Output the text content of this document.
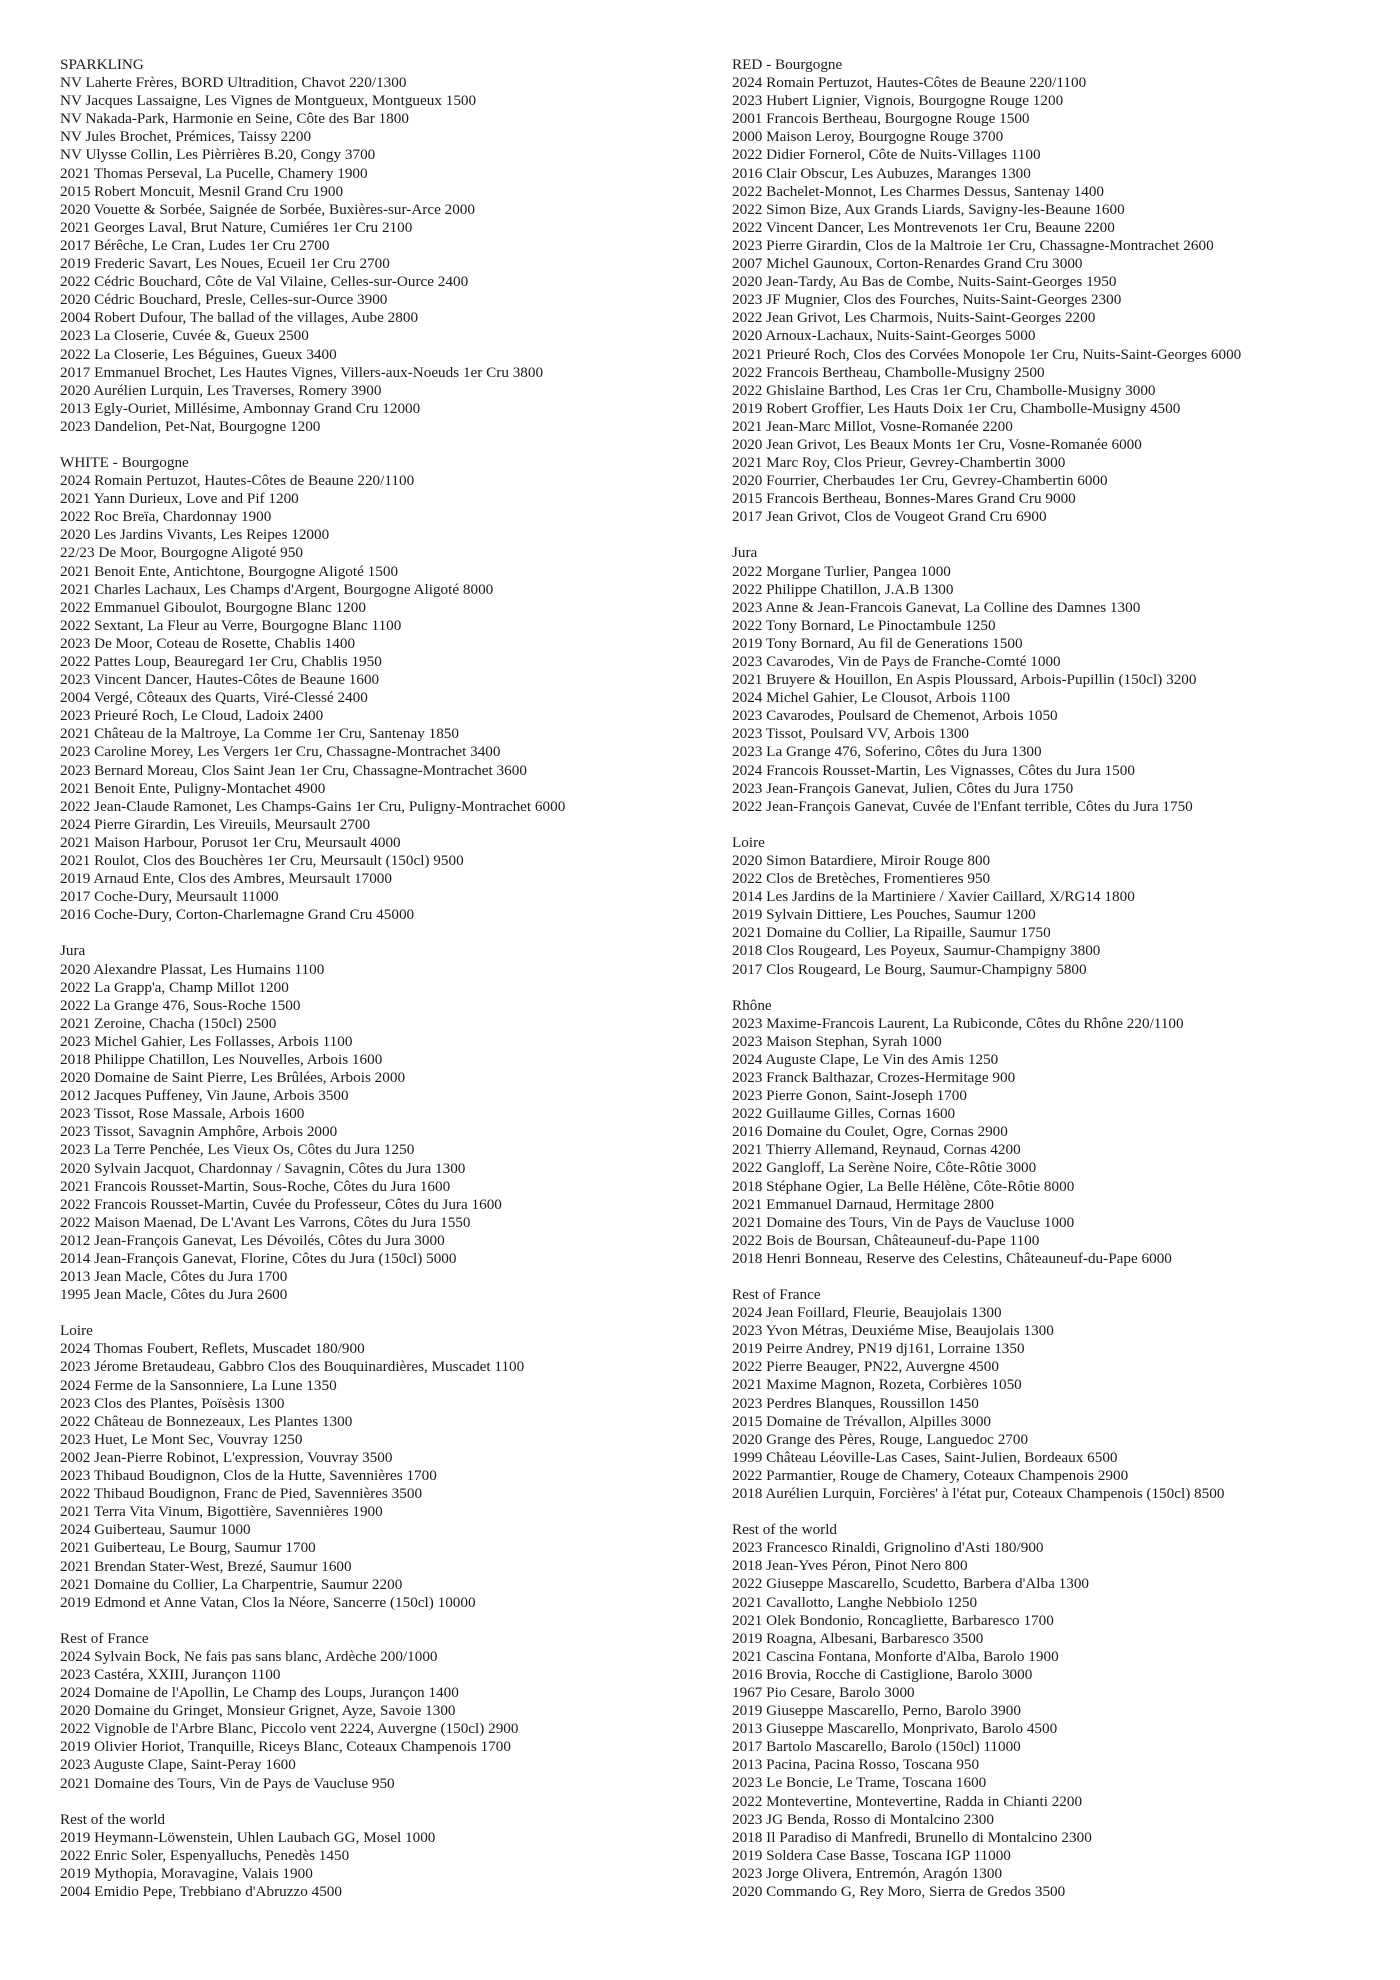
SPARKLING
NV Laherte Frères, BORD Ultradition, Chavot 220/1300
NV Jacques Lassaigne, Les Vignes de Montgueux, Montgueux 1500
NV Nakada-Park, Harmonie en Seine, Côte des Bar 1800
NV Jules Brochet, Prémices, Taissy 2200
NV Ulysse Collin, Les Pièrrières B.20, Congy 3700
2021 Thomas Perseval, La Pucelle, Chamery 1900
2015 Robert Moncuit, Mesnil Grand Cru 1900
2020 Vouette & Sorbée, Saignée de Sorbée, Buxières-sur-Arce 2000
2021 Georges Laval, Brut Nature, Cumiéres 1er Cru 2100
2017 Bérêche, Le Cran, Ludes 1er Cru 2700
2019 Frederic Savart, Les Noues, Ecueil 1er Cru 2700
2022 Cédric Bouchard, Côte de Val Vilaine, Celles-sur-Ource 2400
2020 Cédric Bouchard, Presle, Celles-sur-Ource 3900
2004 Robert Dufour, The ballad of the villages, Aube 2800
2023 La Closerie, Cuvée &, Gueux 2500
2022 La Closerie, Les Béguines, Gueux 3400
2017 Emmanuel Brochet, Les Hautes Vignes, Villers-aux-Noeuds 1er Cru 3800
2020 Aurélien Lurquin, Les Traverses, Romery 3900
2013 Egly-Ouriet, Millésime, Ambonnay Grand Cru 12000
2023 Dandelion, Pet-Nat, Bourgogne 1200
WHITE - Bourgogne
2024 Romain Pertuzot, Hautes-Côtes de Beaune 220/1100
2021 Yann Durieux, Love and Pif 1200
2022 Roc Breïa, Chardonnay 1900
2020 Les Jardins Vivants, Les Reipes 12000
22/23 De Moor, Bourgogne Aligoté 950
2021 Benoit Ente, Antichtone, Bourgogne Aligoté 1500
2021 Charles Lachaux, Les Champs d'Argent, Bourgogne Aligoté 8000
2022 Emmanuel Giboulot, Bourgogne Blanc 1200
2022 Sextant, La Fleur au Verre, Bourgogne Blanc 1100
2023 De Moor, Coteau de Rosette, Chablis 1400
2022 Pattes Loup, Beauregard 1er Cru, Chablis 1950
2023 Vincent Dancer, Hautes-Côtes de Beaune 1600
2004 Vergé, Côteaux des Quarts, Viré-Clessé 2400
2023 Prieuré Roch, Le Cloud, Ladoix 2400
2021 Château de la Maltroye, La Comme 1er Cru, Santenay 1850
2023 Caroline Morey, Les Vergers 1er Cru, Chassagne-Montrachet 3400
2023 Bernard Moreau, Clos Saint Jean 1er Cru, Chassagne-Montrachet 3600
2021 Benoit Ente, Puligny-Montachet 4900
2022 Jean-Claude Ramonet, Les Champs-Gains 1er Cru, Puligny-Montrachet 6000
2024 Pierre Girardin, Les Vireuils, Meursault 2700
2021 Maison Harbour, Porusot 1er Cru, Meursault 4000
2021 Roulot, Clos des Bouchères 1er Cru, Meursault (150cl) 9500
2019 Arnaud Ente, Clos des Ambres, Meursault 17000
2017 Coche-Dury, Meursault 11000
2016 Coche-Dury, Corton-Charlemagne Grand Cru 45000
Jura
2020 Alexandre Plassat, Les Humains 1100
2022 La Grapp'a, Champ Millot 1200
2022 La Grange 476, Sous-Roche 1500
2021 Zeroine, Chacha (150cl) 2500
2023 Michel Gahier, Les Follasses, Arbois 1100
2018 Philippe Chatillon, Les Nouvelles, Arbois 1600
2020 Domaine de Saint Pierre, Les Brûlées, Arbois 2000
2012 Jacques Puffeney, Vin Jaune, Arbois 3500
2023 Tissot, Rose Massale, Arbois 1600
2023 Tissot, Savagnin Amphôre, Arbois 2000
2023 La Terre Penchée, Les Vieux Os, Côtes du Jura 1250
2020 Sylvain Jacquot, Chardonnay / Savagnin, Côtes du Jura 1300
2021 Francois Rousset-Martin, Sous-Roche, Côtes du Jura 1600
2022 Francois Rousset-Martin, Cuvée du Professeur, Côtes du Jura 1600
2022 Maison Maenad, De L'Avant Les Varrons, Côtes du Jura 1550
2012 Jean-François Ganevat, Les Dévoilés, Côtes du Jura 3000
2014 Jean-François Ganevat, Florine, Côtes du Jura (150cl) 5000
2013 Jean Macle, Côtes du Jura 1700
1995 Jean Macle, Côtes du Jura 2600
Loire
2024 Thomas Foubert, Reflets, Muscadet 180/900
2023 Jérome Bretaudeau, Gabbro Clos des Bouquinardières, Muscadet 1100
2024 Ferme de la Sansonniere, La Lune 1350
2023 Clos des Plantes, Poïsèsis 1300
2022 Château de Bonnezeaux, Les Plantes 1300
2023 Huet, Le Mont Sec, Vouvray 1250
2002 Jean-Pierre Robinot, L'expression, Vouvray 3500
2023 Thibaud Boudignon, Clos de la Hutte, Savennières 1700
2022 Thibaud Boudignon, Franc de Pied, Savennières 3500
2021 Terra Vita Vinum, Bigottière, Savennières 1900
2024 Guiberteau, Saumur 1000
2021 Guiberteau, Le Bourg, Saumur 1700
2021 Brendan Stater-West, Brezé, Saumur 1600
2021 Domaine du Collier, La Charpentrie, Saumur 2200
2019 Edmond et Anne Vatan, Clos la Néore, Sancerre (150cl) 10000
Rest of France
2024 Sylvain Bock, Ne fais pas sans blanc, Ardèche 200/1000
2023 Castéra, XXIII, Jurançon 1100
2024 Domaine de l'Apollin, Le Champ des Loups, Jurançon 1400
2020 Domaine du Gringet, Monsieur Grignet, Ayze, Savoie 1300
2022 Vignoble de l'Arbre Blanc, Piccolo vent 2224, Auvergne (150cl) 2900
2019 Olivier Horiot, Tranquille, Riceys Blanc, Coteaux Champenois 1700
2023 Auguste Clape, Saint-Peray 1600
2021 Domaine des Tours, Vin de Pays de Vaucluse 950
Rest of the world
2019 Heymann-Löwenstein, Uhlen Laubach GG, Mosel 1000
2022 Enric Soler, Espenyalluchs, Penedès 1450
2019 Mythopia, Moravagine, Valais 1900
2004 Emidio Pepe, Trebbiano d'Abruzzo 4500
RED - Bourgogne
2024 Romain Pertuzot, Hautes-Côtes de Beaune 220/1100
2023 Hubert Lignier, Vignois, Bourgogne Rouge 1200
2001 Francois Bertheau, Bourgogne Rouge 1500
2000 Maison Leroy, Bourgogne Rouge 3700
2022 Didier Fornerol, Côte de Nuits-Villages 1100
2016 Clair Obscur, Les Aubuzes, Maranges 1300
2022 Bachelet-Monnot, Les Charmes Dessus, Santenay 1400
2022 Simon Bize, Aux Grands Liards, Savigny-les-Beaune 1600
2022 Vincent Dancer, Les Montrevenots 1er Cru, Beaune 2200
2023 Pierre Girardin, Clos de la Maltroie 1er Cru, Chassagne-Montrachet 2600
2007 Michel Gaunoux, Corton-Renardes Grand Cru 3000
2020 Jean-Tardy, Au Bas de Combe, Nuits-Saint-Georges 1950
2023 JF Mugnier, Clos des Fourches, Nuits-Saint-Georges 2300
2022 Jean Grivot, Les Charmois, Nuits-Saint-Georges 2200
2020 Arnoux-Lachaux, Nuits-Saint-Georges 5000
2021 Prieuré Roch, Clos des Corvées Monopole 1er Cru, Nuits-Saint-Georges 6000
2022 Francois Bertheau, Chambolle-Musigny 2500
2022 Ghislaine Barthod, Les Cras 1er Cru, Chambolle-Musigny 3000
2019 Robert Groffier, Les Hauts Doix 1er Cru, Chambolle-Musigny 4500
2021 Jean-Marc Millot, Vosne-Romanée 2200
2020 Jean Grivot, Les Beaux Monts 1er Cru, Vosne-Romanée 6000
2021 Marc Roy, Clos Prieur, Gevrey-Chambertin 3000
2020 Fourrier, Cherbaudes 1er Cru, Gevrey-Chambertin 6000
2015 Francois Bertheau, Bonnes-Mares Grand Cru 9000
2017 Jean Grivot, Clos de Vougeot Grand Cru 6900
Jura
2022 Morgane Turlier, Pangea 1000
2022 Philippe Chatillon, J.A.B 1300
2023 Anne & Jean-Francois Ganevat, La Colline des Damnes 1300
2022 Tony Bornard, Le Pinoctambule 1250
2019 Tony Bornard, Au fil de Generations 1500
2023 Cavarodes, Vin de Pays de Franche-Comté 1000
2021 Bruyere & Houillon, En Aspis Ploussard, Arbois-Pupillin (150cl) 3200
2024 Michel Gahier, Le Clousot, Arbois 1100
2023 Cavarodes, Poulsard de Chemenot, Arbois 1050
2023 Tissot, Poulsard VV, Arbois 1300
2023 La Grange 476, Soferino, Côtes du Jura 1300
2024 Francois Rousset-Martin, Les Vignasses, Côtes du Jura 1500
2023 Jean-François Ganevat, Julien, Côtes du Jura 1750
2022 Jean-François Ganevat, Cuvée de l'Enfant terrible, Côtes du Jura 1750
Loire
2020 Simon Batardiere, Miroir Rouge 800
2022 Clos de Bretèches, Fromentieres 950
2014 Les Jardins de la Martiniere / Xavier Caillard, X/RG14 1800
2019 Sylvain Dittiere, Les Pouches, Saumur 1200
2021 Domaine du Collier, La Ripaille, Saumur 1750
2018 Clos Rougeard, Les Poyeux, Saumur-Champigny 3800
2017 Clos Rougeard, Le Bourg, Saumur-Champigny 5800
Rhône
2023 Maxime-Francois Laurent, La Rubiconde, Côtes du Rhône 220/1100
2023 Maison Stephan, Syrah 1000
2024 Auguste Clape, Le Vin des Amis 1250
2023 Franck Balthazar, Crozes-Hermitage 900
2023 Pierre Gonon, Saint-Joseph 1700
2022 Guillaume Gilles, Cornas 1600
2016 Domaine du Coulet, Ogre, Cornas 2900
2021 Thierry Allemand, Reynaud, Cornas 4200
2022 Gangloff, La Serène Noire, Côte-Rôtie 3000
2018 Stéphane Ogier, La Belle Hélène, Côte-Rôtie 8000
2021 Emmanuel Darnaud, Hermitage 2800
2021 Domaine des Tours, Vin de Pays de Vaucluse 1000
2022 Bois de Boursan, Châteauneuf-du-Pape 1100
2018 Henri Bonneau, Reserve des Celestins, Châteauneuf-du-Pape 6000
Rest of France
2024 Jean Foillard, Fleurie, Beaujolais 1300
2023 Yvon Métras, Deuxiéme Mise, Beaujolais 1300
2019 Peirre Andrey, PN19 dj161, Lorraine 1350
2022 Pierre Beauger, PN22, Auvergne 4500
2021 Maxime Magnon, Rozeta, Corbières 1050
2023 Perdres Blanques, Roussillon 1450
2015 Domaine de Trévallon, Alpilles 3000
2020 Grange des Pères, Rouge, Languedoc 2700
1999 Château Léoville-Las Cases, Saint-Julien, Bordeaux 6500
2022 Parmantier, Rouge de Chamery, Coteaux Champenois 2900
2018 Aurélien Lurquin, Forcières' à l'état pur, Coteaux Champenois (150cl) 8500
Rest of the world
2023 Francesco Rinaldi, Grignolino d'Asti 180/900
2018 Jean-Yves Péron, Pinot Nero 800
2022 Giuseppe Mascarello, Scudetto, Barbera d'Alba 1300
2021 Cavallotto, Langhe Nebbiolo 1250
2021 Olek Bondonio, Roncagliette, Barbaresco 1700
2019 Roagna, Albesani, Barbaresco 3500
2021 Cascina Fontana, Monforte d'Alba, Barolo 1900
2016 Brovia, Rocche di Castiglione, Barolo 3000
1967 Pio Cesare, Barolo 3000
2019 Giuseppe Mascarello, Perno, Barolo 3900
2013 Giuseppe Mascarello, Monprivato, Barolo 4500
2017 Bartolo Mascarello, Barolo (150cl) 11000
2013 Pacina, Pacina Rosso, Toscana 950
2023 Le Boncie, Le Trame, Toscana 1600
2022 Montevertine, Montevertine, Radda in Chianti 2200
2023 JG Benda, Rosso di Montalcino 2300
2018 Il Paradiso di Manfredi, Brunello di Montalcino 2300
2019 Soldera Case Basse, Toscana IGP 11000
2023 Jorge Olivera, Entremón, Aragón 1300
2020 Commando G, Rey Moro, Sierra de Gredos 3500
